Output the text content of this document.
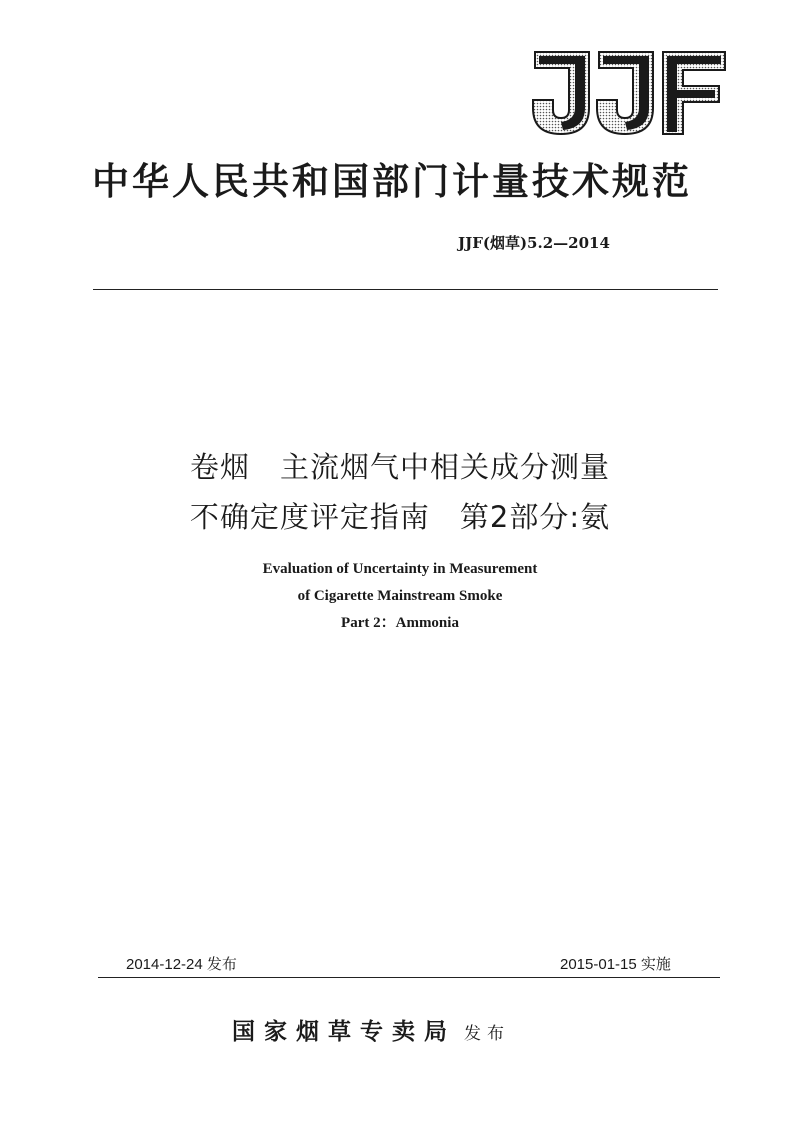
中华人民共和国部门计量技术规范
JJF(烟草)5.2—2014
卷烟　主流烟气中相关成分测量
不确定度评定指南　第2部分:氨
Evaluation of Uncertainty in Measurement
of Cigarette Mainstream Smoke
Part 2：Ammonia
2014-12-24 发布	2015-01-15 实施
国家烟草专卖局 发布
